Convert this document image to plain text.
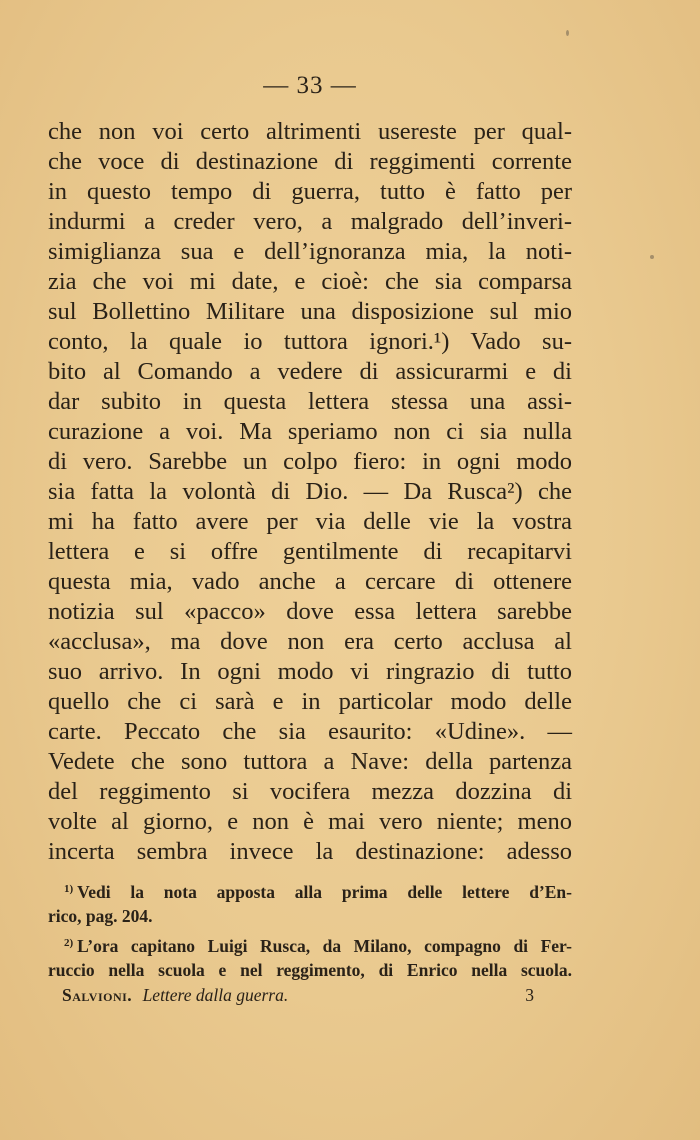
— 33 —
che non voi certo altrimenti usereste per qual-
che voce di destinazione di reggimenti corrente
in questo tempo di guerra, tutto è fatto per
indurmi a creder vero, a malgrado dell’inveri-
simiglianza sua e dell’ignoranza mia, la noti-
zia che voi mi date, e cioè: che sia comparsa
sul Bollettino Militare una disposizione sul mio
conto, la quale io tuttora ignori.¹) Vado su-
bito al Comando a vedere di assicurarmi e di
dar subito in questa lettera stessa una assi-
curazione a voi. Ma speriamo non ci sia nulla
di vero. Sarebbe un colpo fiero: in ogni modo
sia fatta la volontà di Dio. — Da Rusca²) che
mi ha fatto avere per via delle vie la vostra
lettera e si offre gentilmente di recapitarvi
questa mia, vado anche a cercare di ottenere
notizia sul «pacco» dove essa lettera sarebbe
«acclusa», ma dove non era certo acclusa al
suo arrivo. In ogni modo vi ringrazio di tutto
quello che ci sarà e in particolar modo delle
carte. Peccato che sia esaurito: «Udine». —
Vedete che sono tuttora a Nave: della partenza
del reggimento si vocifera mezza dozzina di
volte al giorno, e non è mai vero niente; meno
incerta sembra invece la destinazione: adesso
$^{1)}$ Vedi la nota apposta alla prima delle lettere d’En-
rico, pag. 204.
$^{2)}$ L’ora capitano Luigi Rusca, da Milano, compagno di Fer-
ruccio nella scuola e nel reggimento, di Enrico nella scuola.
Salvioni. Lettere dalla guerra.	3
